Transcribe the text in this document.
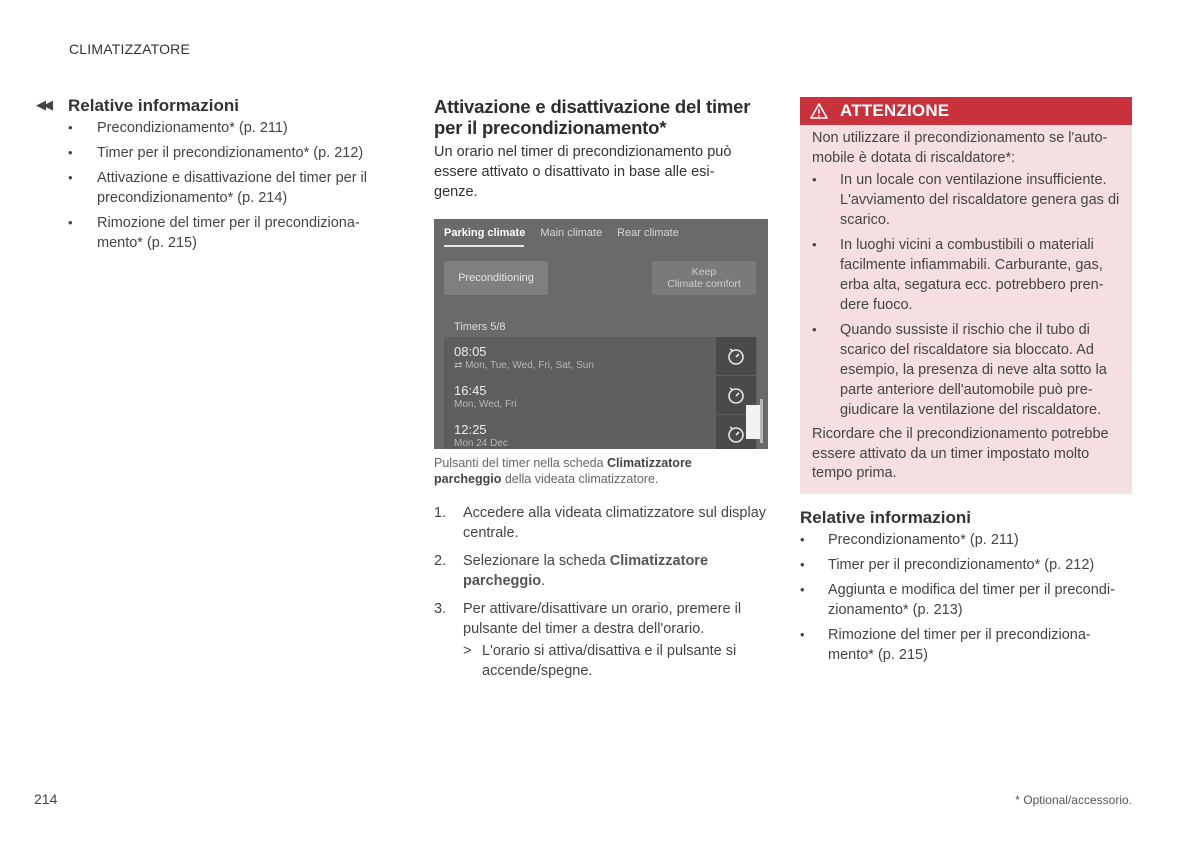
CLIMATIZZATORE
◀◀ Relative informazioni
• Precondizionamento* (p. 211)
• Timer per il precondizionamento* (p. 212)
• Attivazione e disattivazione del timer per il precondizionamento* (p. 214)
• Rimozione del timer per il precondiziona-mento* (p. 215)
Attivazione e disattivazione del timer per il precondizionamento*
Un orario nel timer di precondizionamento può essere attivato o disattivato in base alle esi-genze.
Parking climate Main climate Rear climate
Preconditioning	Keep
Climate comfort
Timers 5/8
08:05
⇄ Mon, Tue, Wed, Fri, Sat, Sun
16:45
Mon, Wed, Fri
12:25
Mon 24 Dec
Pulsanti del timer nella scheda Climatizzatore parcheggio della videata climatizzatore.
1. Accedere alla videata climatizzatore sul display centrale.
2. Selezionare la scheda Climatizzatore parcheggio.
3. Per attivare/disattivare un orario, premere il pulsante del timer a destra dell'orario.
> L'orario si attiva/disattiva e il pulsante si accende/spegne.
ATTENZIONE
Non utilizzare il precondizionamento se l'auto-mobile è dotata di riscaldatore*:
• In un locale con ventilazione insufficiente. L'avviamento del riscaldatore genera gas di scarico.
• In luoghi vicini a combustibili o materiali facilmente infiammabili. Carburante, gas, erba alta, segatura ecc. potrebbero pren-dere fuoco.
• Quando sussiste il rischio che il tubo di scarico del riscaldatore sia bloccato. Ad esempio, la presenza di neve alta sotto la parte anteriore dell'automobile può pre-giudicare la ventilazione del riscaldatore.
Ricordare che il precondizionamento potrebbe essere attivato da un timer impostato molto tempo prima.
Relative informazioni
• Precondizionamento* (p. 211)
• Timer per il precondizionamento* (p. 212)
• Aggiunta e modifica del timer per il precondi-zionamento* (p. 213)
• Rimozione del timer per il precondiziona-mento* (p. 215)
214	* Optional/accessorio.
